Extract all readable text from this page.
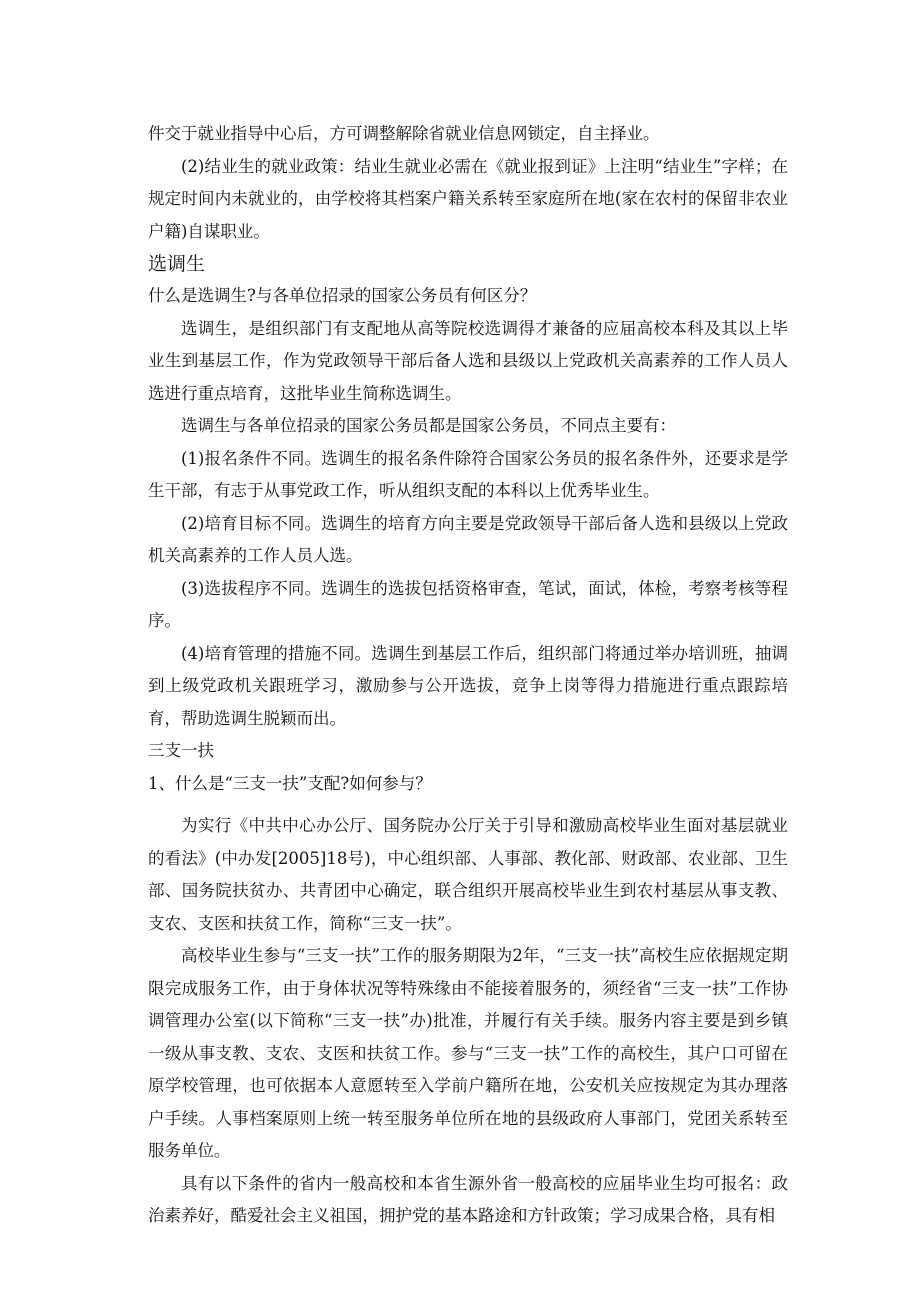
件交于就业指导中心后，方可调整解除省就业信息网锁定，自主择业。

(2)结业生的就业政策：结业生就业必需在《就业报到证》上注明“结业生”字样；在规定时间内未就业的，由学校将其档案户籍关系转至家庭所在地(家在农村的保留非农业户籍)自谋职业。

选调生

什么是选调生?与各单位招录的国家公务员有何区分？

选调生，是组织部门有支配地从高等院校选调得才兼备的应届高校本科及其以上毕业生到基层工作，作为党政领导干部后备人选和县级以上党政机关高素养的工作人员人选进行重点培育，这批毕业生简称选调生。

选调生与各单位招录的国家公务员都是国家公务员，不同点主要有：

(1)报名条件不同。选调生的报名条件除符合国家公务员的报名条件外，还要求是学生干部，有志于从事党政工作，听从组织支配的本科以上优秀毕业生。

(2)培育目标不同。选调生的培育方向主要是党政领导干部后备人选和县级以上党政机关高素养的工作人员人选。

(3)选拔程序不同。选调生的选拔包括资格审查，笔试，面试，体检，考察考核等程序。

(4)培育管理的措施不同。选调生到基层工作后，组织部门将通过举办培训班，抽调到上级党政机关跟班学习，激励参与公开选拔，竞争上岗等得力措施进行重点跟踪培育，帮助选调生脱颖而出。

三支一扶

1、什么是“三支一扶”支配?如何参与？

为实行《中共中心办公厅、国务院办公厅关于引导和激励高校毕业生面对基层就业的看法》(中办发[2005]18号)，中心组织部、人事部、教化部、财政部、农业部、卫生部、国务院扶贫办、共青团中心确定，联合组织开展高校毕业生到农村基层从事支教、支农、支医和扶贫工作，简称“三支一扶”。

高校毕业生参与“三支一扶”工作的服务期限为2年，“三支一扶”高校生应依据规定期限完成服务工作，由于身体状况等特殊缘由不能接着服务的，须经省“三支一扶”工作协调管理办公室(以下简称“三支一扶”办)批准，并履行有关手续。服务内容主要是到乡镇一级从事支教、支农、支医和扶贫工作。参与“三支一扶”工作的高校生，其户口可留在原学校管理，也可依据本人意愿转至入学前户籍所在地，公安机关应按规定为其办理落户手续。人事档案原则上统一转至服务单位所在地的县级政府人事部门，党团关系转至服务单位。

具有以下条件的省内一般高校和本省生源外省一般高校的应届毕业生均可报名：政治素养好，酷爱社会主义祖国，拥护党的基本路途和方针政策；学习成果合格，具有相
